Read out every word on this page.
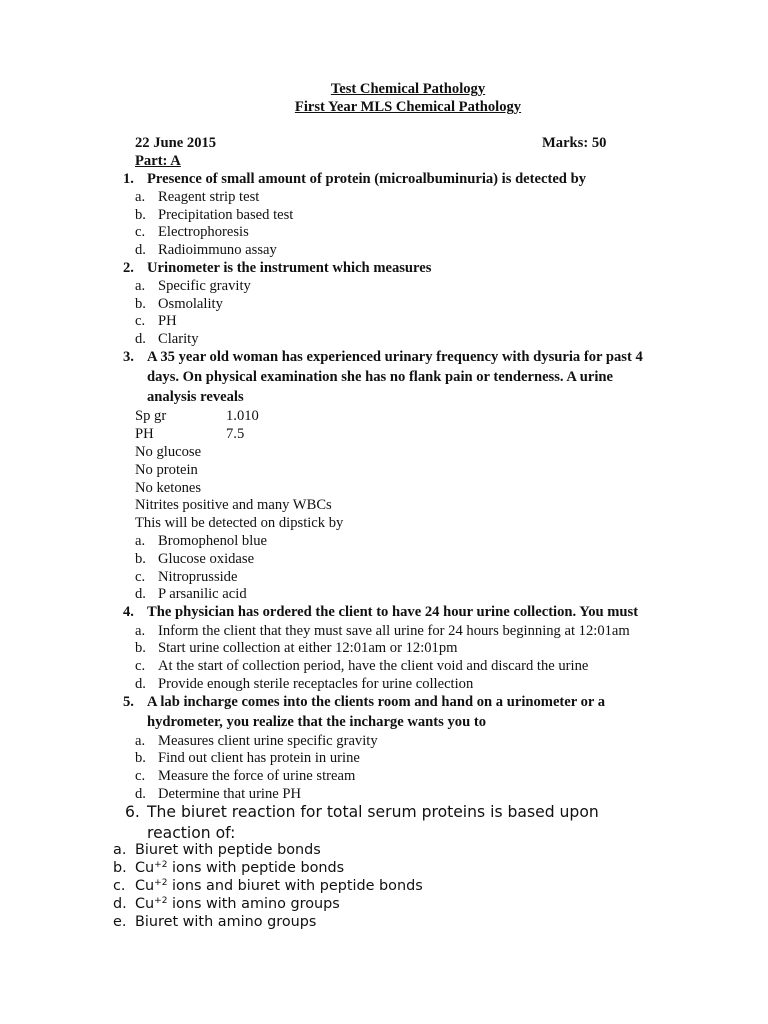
Test Chemical Pathology
First Year MLS Chemical Pathology
22 June 2015	Marks: 50
Part: A
1. Presence of small amount of protein (microalbuminuria) is detected by
a. Reagent strip test
b. Precipitation based test
c. Electrophoresis
d. Radioimmuno assay
2. Urinometer is the instrument which measures
a. Specific gravity
b. Osmolality
c. PH
d. Clarity
3. A 35 year old woman has experienced urinary frequency with dysuria for past 4
days. On physical examination she has no flank pain or tenderness. A urine
analysis reveals
Sp gr	1.010
PH	7.5
No glucose
No protein
No ketones
Nitrites positive and many WBCs
This will be detected on dipstick by
a. Bromophenol blue
b. Glucose oxidase
c. Nitroprusside
d. P arsanilic acid
4. The physician has ordered the client to have 24 hour urine collection. You must
a. Inform the client that they must save all urine for 24 hours beginning at 12:01am
b. Start urine collection at either 12:01am or 12:01pm
c. At the start of collection period, have the client void and discard the urine
d. Provide enough sterile receptacles for urine collection
5. A lab incharge comes into the clients room and hand on a urinometer or a
hydrometer, you realize that the incharge wants you to
a. Measures client urine specific gravity
b. Find out client has protein in urine
c. Measure the force of urine stream
d. Determine that urine PH
6. The biuret reaction for total serum proteins is based upon
reaction of:
a. Biuret with peptide bonds
b. $Cu^{+2}$ ions with peptide bonds
c. $Cu^{+2}$ ions and biuret with peptide bonds
d. $Cu^{+2}$ ions with amino groups
e. Biuret with amino groups
